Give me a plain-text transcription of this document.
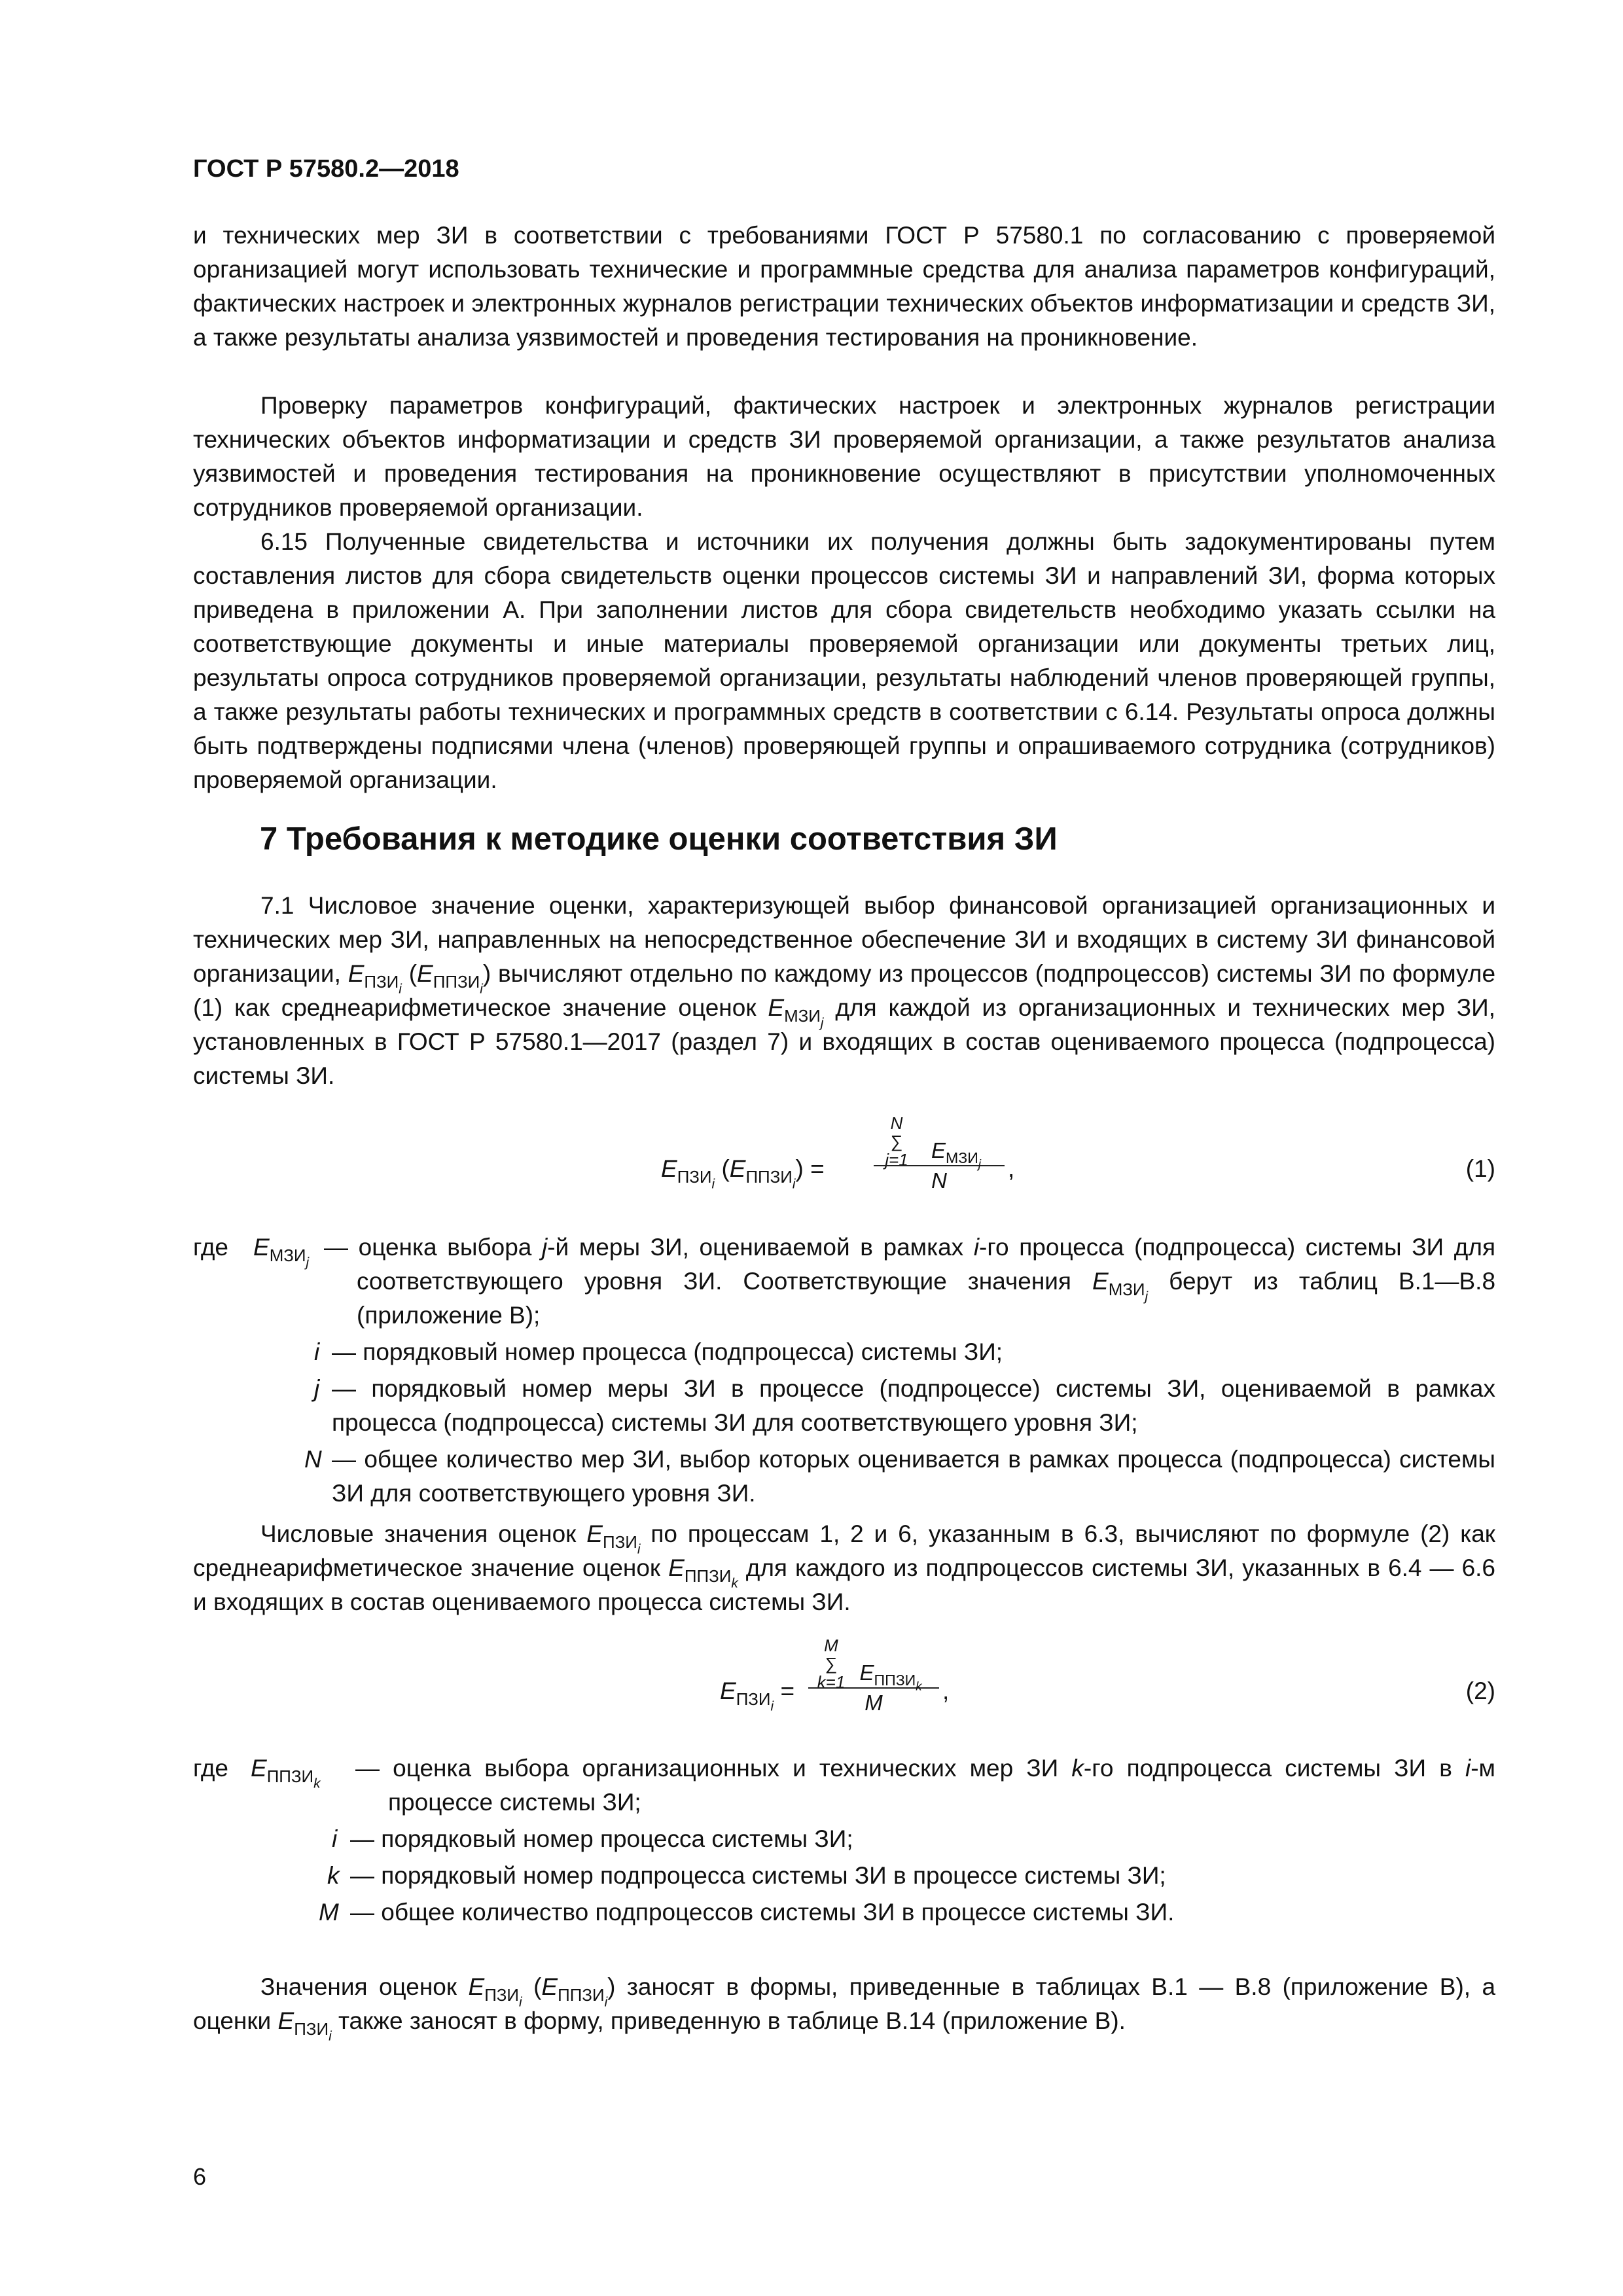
ГОСТ Р 57580.2—2018

и технических мер ЗИ в соответствии с требованиями ГОСТ Р 57580.1 по согласованию с проверяемой организацией могут использовать технические и программные средства для анализа параметров конфигураций, фактических настроек и электронных журналов регистрации технических объектов информатизации и средств ЗИ, а также результаты анализа уязвимостей и проведения тестирования на проникновение.

Проверку параметров конфигураций, фактических настроек и электронных журналов регистрации технических объектов информатизации и средств ЗИ проверяемой организации, а также результатов анализа уязвимостей и проведения тестирования на проникновение осуществляют в присутствии уполномоченных сотрудников проверяемой организации.

6.15 Полученные свидетельства и источники их получения должны быть задокументированы путем составления листов для сбора свидетельств оценки процессов системы ЗИ и направлений ЗИ, форма которых приведена в приложении А. При заполнении листов для сбора свидетельств необходимо указать ссылки на соответствующие документы и иные материалы проверяемой организации или документы третьих лиц, результаты опроса сотрудников проверяемой организации, результаты наблюдений членов проверяющей группы, а также результаты работы технических и программных средств в соответствии с 6.14. Результаты опроса должны быть подтверждены подписями члена (членов) проверяющей группы и опрашиваемого сотрудника (сотрудников) проверяемой организации.

7 Требования к методике оценки соответствия ЗИ

7.1 Числовое значение оценки, характеризующей выбор финансовой организацией организационных и технических мер ЗИ, направленных на непосредственное обеспечение ЗИ и входящих в систему ЗИ финансовой организации, $E_{ПЗИ_i}$ $(E_{ППЗИ_i})$ вычисляют отдельно по каждому из процессов (подпроцессов) системы ЗИ по формуле (1) как среднеарифметическое значение оценок $E_{МЗИ_j}$ для каждой из организационных и технических мер ЗИ, установленных в ГОСТ Р 57580.1—2017 (раздел 7) и входящих в состав оцениваемого процесса (подпроцесса) системы ЗИ.

$E_{ПЗИ_i}$ $(E_{ППЗИ_i})$ =
N
∑
j=1	$E_{МЗИ_j}$
N	,	(1)
где $E_{МЗИ_j}$
— оценка выбора j-й меры ЗИ, оцениваемой в рамках i-го процесса (подпроцесса) системы ЗИ для соответствующего уровня ЗИ. Соответствующие значения $E_{МЗИ_j}$ берут из таблиц В.1—В.8 (приложение В);
i — порядковый номер процесса (подпроцесса) системы ЗИ;
j — порядковый номер меры ЗИ в процессе (подпроцессе) системы ЗИ, оцениваемой в рамках процесса (подпроцесса) системы ЗИ для соответствующего уровня ЗИ;
N — общее количество мер ЗИ, выбор которых оценивается в рамках процесса (подпроцесса) системы ЗИ для соответствующего уровня ЗИ.

Числовые значения оценок $E_{ПЗИ_i}$ по процессам 1, 2 и 6, указанным в 6.3, вычисляют по формуле (2) как среднеарифметическое значение оценок $E_{ППЗИ_k}$ для каждого из подпроцессов системы ЗИ, указанных в 6.4 — 6.6 и входящих в состав оцениваемого процесса системы ЗИ.

$E_{ПЗИ_i}$ =
M
∑
k=1 $E_{ППЗИ_k}$
M	,	(2)
где $E_{ППЗИ_k}$
— оценка выбора организационных и технических мер ЗИ k-го подпроцесса системы ЗИ в i-м процессе системы ЗИ;
i — порядковый номер процесса системы ЗИ;
k — порядковый номер подпроцесса системы ЗИ в процессе системы ЗИ;
M — общее количество подпроцессов системы ЗИ в процессе системы ЗИ.

Значения оценок $E_{ПЗИ_i}$ $(E_{ППЗИ_i})$ заносят в формы, приведенные в таблицах В.1 — В.8 (приложение В), а оценки $E_{ПЗИ_i}$ также заносят в форму, приведенную в таблице В.14 (приложение В).

6
